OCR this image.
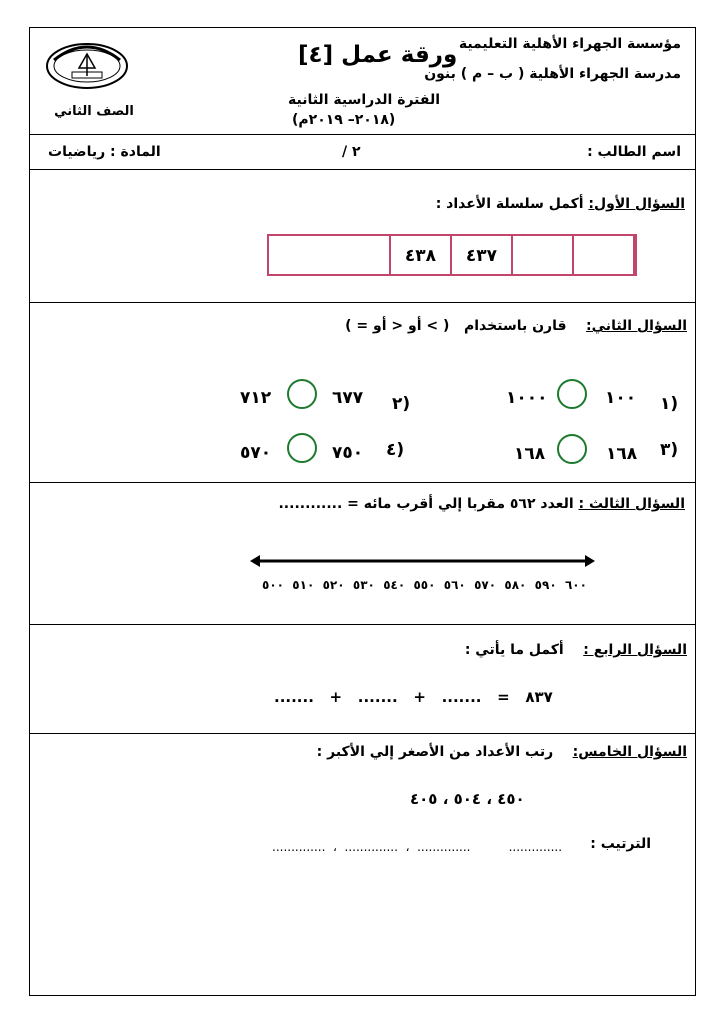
مؤسسة الجهراء الأهلية التعليمية
مدرسة الجهراء الأهلية ( ب – م ) بنون
ورقة عمل [٤]
الفترة الدراسية الثانية
(٢٠١٨– ٢٠١٩م)
الصف الثاني
اسم الطالب :
٢ /
المادة : رياضيات
السؤال الأول: أكمل سلسلة الأعداد :
٤٣٧
٤٣٨
السؤال الثاني:    قارن باستخدام   ( > أو < أو = )
١)
١٠٠
١٠٠٠
٢)
٦٧٧
٧١٢
٣)
١٦٨
١٦٨
٤)
٧٥٠
٥٧٠
السؤال الثالث : العدد ٥٦٢ مقربا إلي أقرب مائه = ............
٥٠٠ ٥١٠ ٥٢٠ ٥٣٠ ٥٤٠ ٥٥٠ ٥٦٠ ٥٧٠ ٥٨٠ ٥٩٠ ٦٠٠
السؤال الرابع :    أكمل ما يأتي :
٨٣٧   =   .......   +   .......   +   .......
السؤال الخامس:    رتب الأعداد من الأصغر إلي الأكبر :
٤٥٠ ، ٥٠٤ ، ٤٠٥
الترتيب :
..............          ..............  ،  ..............  ،  ..............
